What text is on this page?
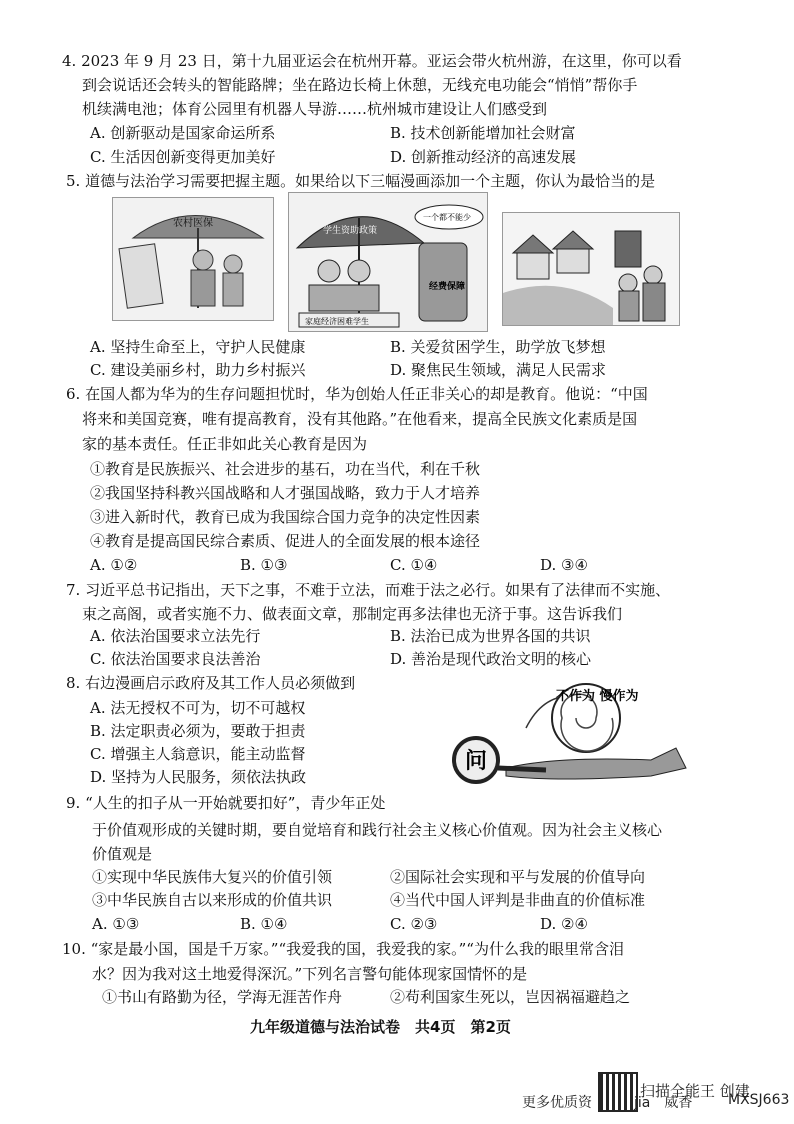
4. 2023 年 9 月 23 日，第十九届亚运会在杭州开幕。亚运会带火杭州游，在这里，你可以看
到会说话还会转头的智能路牌；坐在路边长椅上休憩，无线充电功能会“悄悄”帮你手
机续满电池；体育公园里有机器人导游……杭州城市建设让人们感受到
A. 创新驱动是国家命运所系	B. 技术创新能增加社会财富
C. 生活因创新变得更加美好	D. 创新推动经济的高速发展
5. 道德与法治学习需要把握主题。如果给以下三幅漫画添加一个主题，你认为最恰当的是
农村医保
学生资助政策
家庭经济困难学生
一个都不能少
经费保障
A. 坚持生命至上，守护人民健康	B. 关爱贫困学生，助学放飞梦想
C. 建设美丽乡村，助力乡村振兴	D. 聚焦民生领域，满足人民需求
6. 在国人都为华为的生存问题担忧时，华为创始人任正非关心的却是教育。他说：“中国
将来和美国竞赛，唯有提高教育，没有其他路。”在他看来，提高全民族文化素质是国
家的基本责任。任正非如此关心教育是因为
①教育是民族振兴、社会进步的基石，功在当代，利在千秋
②我国坚持科教兴国战略和人才强国战略，致力于人才培养
③进入新时代，教育已成为我国综合国力竞争的决定性因素
④教育是提高国民综合素质、促进人的全面发展的根本途径
A. ①②	B. ①③	C. ①④	D. ③④
7. 习近平总书记指出，天下之事，不难于立法，而难于法之必行。如果有了法律而不实施、
束之高阁，或者实施不力、做表面文章，那制定再多法律也无济于事。这告诉我们
A. 依法治国要求立法先行	B. 法治已成为世界各国的共识
C. 依法治国要求良法善治	D. 善治是现代政治文明的核心
8. 右边漫画启示政府及其工作人员必须做到
A. 法无授权不可为，切不可越权
B. 法定职责必须为，要敢于担责
C. 增强主人翁意识，能主动监督
D. 坚持为人民服务，须依法执政
不作为 慢作为
问
9. “人生的扣子从一开始就要扣好”，青少年正处
于价值观形成的关键时期，要自觉培育和践行社会主义核心价值观。因为社会主义核心
价值观是
①实现中华民族伟大复兴的价值引领	②国际社会实现和平与发展的价值导向
③中华民族自古以来形成的价值共识	④当代中国人评判是非曲直的价值标准
A. ①③	B. ①④	C. ②③	D. ②④
10. “家是最小国，国是千万家。”“我爱我的国，我爱我的家。”“为什么我的眼里常含泪
水？因为我对这土地爱得深沉。”下列名言警句能体现家国情怀的是
①书山有路勤为径，学海无涯苦作舟	②苟利国家生死以，岂因祸福避趋之
九年级道德与法治试卷　共4页　第2页
扫描全能王 创建
更多优质资	jia　威香	MXSJ663
